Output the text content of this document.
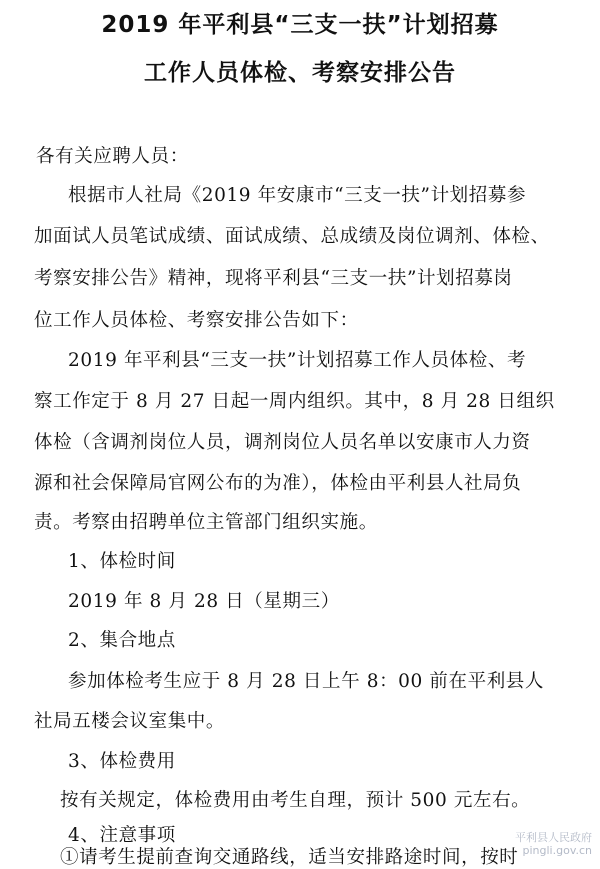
2019 年平利县“三支一扶”计划招募
工作人员体检、考察安排公告
各有关应聘人员：
根据市人社局《2019 年安康市“三支一扶”计划招募参
加面试人员笔试成绩、面试成绩、总成绩及岗位调剂、体检、
考察安排公告》精神，现将平利县“三支一扶”计划招募岗
位工作人员体检、考察安排公告如下：
2019 年平利县“三支一扶”计划招募工作人员体检、考
察工作定于 8 月 27 日起一周内组织。其中，8 月 28 日组织
体检（含调剂岗位人员，调剂岗位人员名单以安康市人力资
源和社会保障局官网公布的为准），体检由平利县人社局负
责。考察由招聘单位主管部门组织实施。
1、体检时间
2019 年 8 月 28 日（星期三）
2、集合地点
参加体检考生应于 8 月 28 日上午 8：00 前在平利县人
社局五楼会议室集中。
3、体检费用
按有关规定，体检费用由考生自理，预计 500 元左右。
4、注意事项
①请考生提前查询交通路线，适当安排路途时间，按时
平利县人民政府
pingli.gov.cn
